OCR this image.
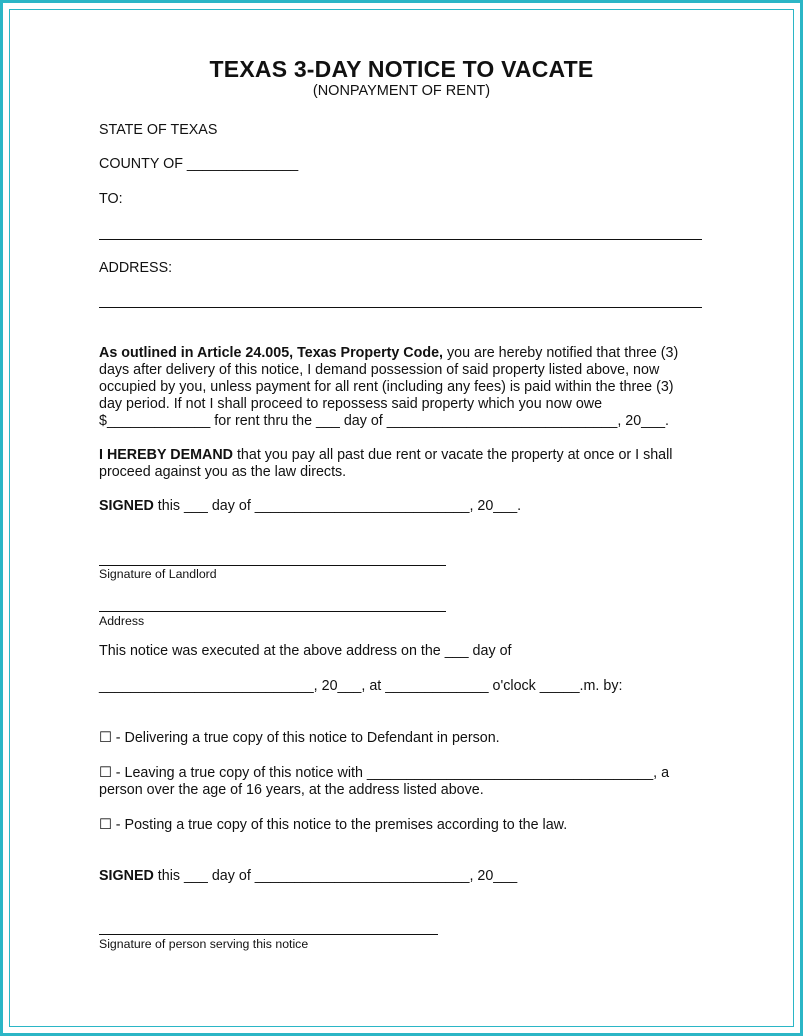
TEXAS 3-DAY NOTICE TO VACATE
(NONPAYMENT OF RENT)
STATE OF TEXAS
COUNTY OF ______________
TO:
ADDRESS:
As outlined in Article 24.005, Texas Property Code, you are hereby notified that three (3)
days after delivery of this notice, I demand possession of said property listed above, now
occupied by you, unless payment for all rent (including any fees) is paid within the three (3)
day period. If not I shall proceed to repossess said property which you now owe
$_____________ for rent thru the ___ day of _____________________________, 20___.
I HEREBY DEMAND that you pay all past due rent or vacate the property at once or I shall
proceed against you as the law directs.
SIGNED this ___ day of ___________________________, 20___.
Signature of Landlord
Address
This notice was executed at the above address on the ___ day of
___________________________, 20___, at _____________ o'clock _____.m. by:
☐ - Delivering a true copy of this notice to Defendant in person.
☐ - Leaving a true copy of this notice with ____________________________________, a
person over the age of 16 years, at the address listed above.
☐ - Posting a true copy of this notice to the premises according to the law.
SIGNED this ___ day of ___________________________, 20___
Signature of person serving this notice
